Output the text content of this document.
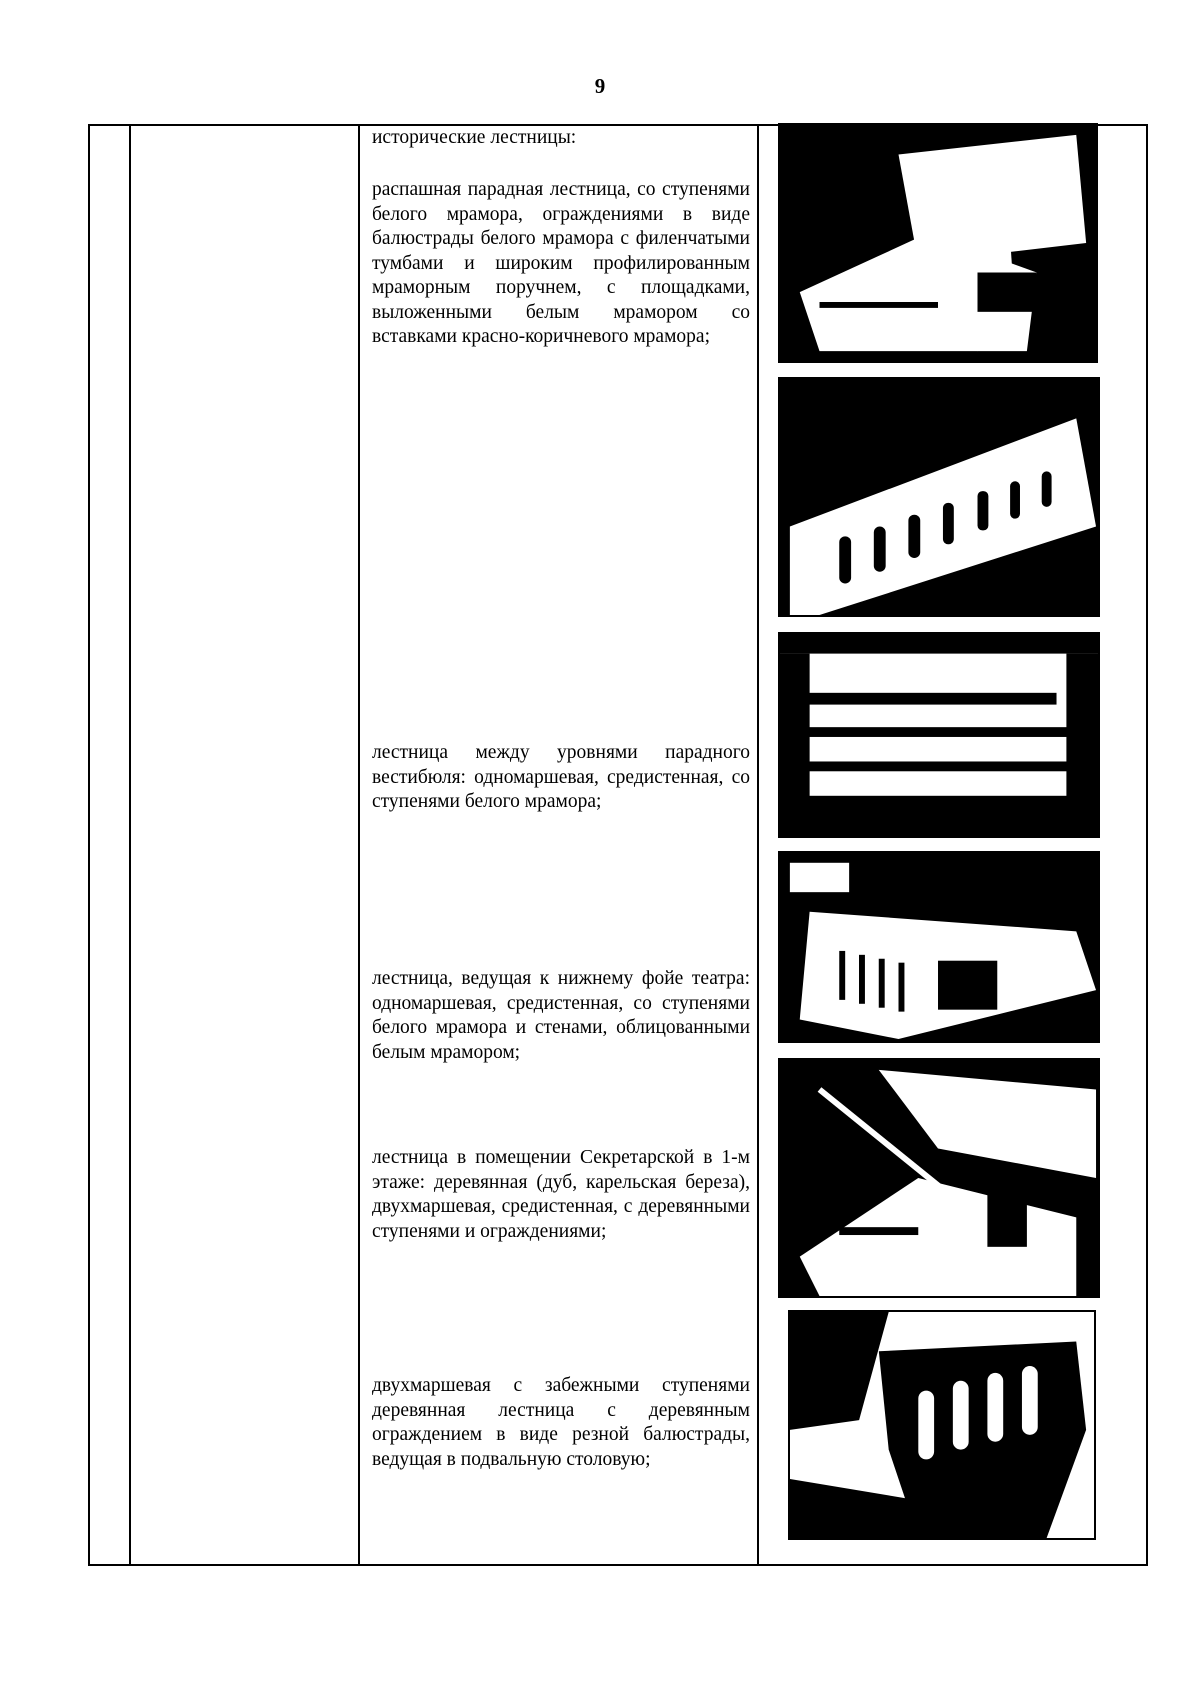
9

исторические лестницы:

распашная парадная лестница, со ступенями белого мрамора, ограждениями в виде балюстрады белого мрамора с филенчатыми тумбами и широким профилированным мраморным поручнем, с площадками, выложенными белым мрамором со вставками красно-коричневого мрамора;

лестница между уровнями парадного вестибюля: одномаршевая, средистенная, со ступенями белого мрамора;

лестница, ведущая к нижнему фойе театра: одномаршевая, средистенная, со ступенями белого мрамора и стенами, облицованными белым мрамором;

лестница в помещении Секретарской в 1-м этаже: деревянная (дуб, карельская береза), двухмаршевая, средистенная, с деревянными ступенями и ограждениями;

двухмаршевая с забежными ступенями деревянная лестница с деревянным ограждением в виде резной балюстрады, ведущая в подвальную столовую;
